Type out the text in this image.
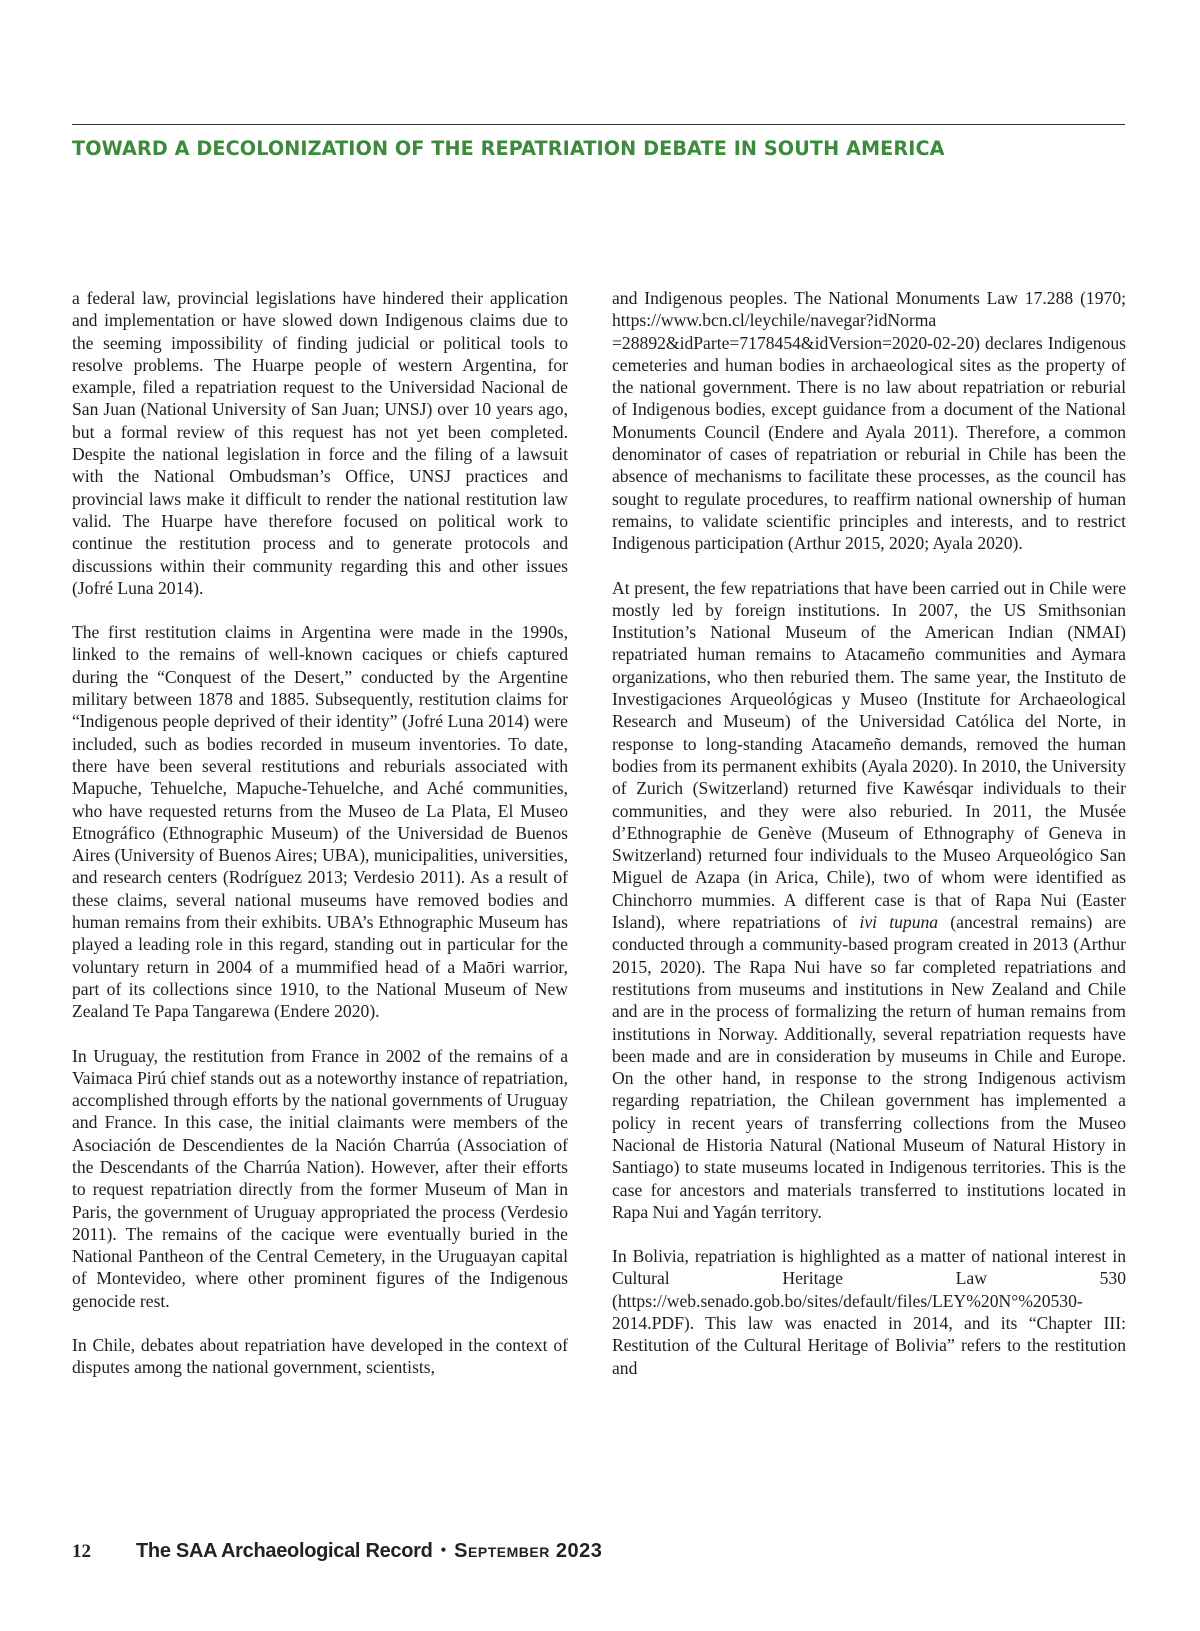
TOWARD A DECOLONIZATION OF THE REPATRIATION DEBATE IN SOUTH AMERICA

a federal law, provincial legislations have hindered their application and implementation or have slowed down Indigenous claims due to the seeming impossibility of finding judicial or political tools to resolve problems. The Huarpe people of western Argentina, for example, filed a repatriation request to the Universidad Nacional de San Juan (National University of San Juan; UNSJ) over 10 years ago, but a formal review of this request has not yet been completed. Despite the national legislation in force and the filing of a lawsuit with the National Ombudsman’s Office, UNSJ practices and provincial laws make it difficult to render the national restitution law valid. The Huarpe have therefore focused on political work to continue the restitution process and to generate protocols and discussions within their community regarding this and other issues (Jofré Luna 2014).

The first restitution claims in Argentina were made in the 1990s, linked to the remains of well-known caciques or chiefs captured during the “Conquest of the Desert,” conducted by the Argentine military between 1878 and 1885. Subsequently, restitution claims for “Indigenous people deprived of their identity” (Jofré Luna 2014) were included, such as bodies recorded in museum inventories. To date, there have been several restitutions and reburials associated with Mapuche, Tehuelche, Mapuche-Tehuelche, and Aché communities, who have requested returns from the Museo de La Plata, El Museo Etnográfico (Ethnographic Museum) of the Universidad de Buenos Aires (University of Buenos Aires; UBA), municipalities, universities, and research centers (Rodríguez 2013; Verdesio 2011). As a result of these claims, several national museums have removed bodies and human remains from their exhibits. UBA’s Ethnographic Museum has played a leading role in this regard, standing out in particular for the voluntary return in 2004 of a mummified head of a Maōri warrior, part of its collections since 1910, to the National Museum of New Zealand Te Papa Tangarewa (Endere 2020).

In Uruguay, the restitution from France in 2002 of the remains of a Vaimaca Pirú chief stands out as a noteworthy instance of repatriation, accomplished through efforts by the national governments of Uruguay and France. In this case, the initial claimants were members of the Asociación de Descendientes de la Nación Charrúa (Association of the Descendants of the Charrúa Nation). However, after their efforts to request repatriation directly from the former Museum of Man in Paris, the government of Uruguay appropriated the process (Verdesio 2011). The remains of the cacique were eventually buried in the National Pantheon of the Central Cemetery, in the Uruguayan capital of Montevideo, where other prominent figures of the Indigenous genocide rest.

In Chile, debates about repatriation have developed in the context of disputes among the national government, scientists,

and Indigenous peoples. The National Monuments Law 17.288 (1970; https://www.bcn.cl/leychile/navegar?idNorma =28892&idParte=7178454&idVersion=2020-02-20) declares Indigenous cemeteries and human bodies in archaeological sites as the property of the national government. There is no law about repatriation or reburial of Indigenous bodies, except guidance from a document of the National Monuments Council (Endere and Ayala 2011). Therefore, a common denominator of cases of repatriation or reburial in Chile has been the absence of mechanisms to facilitate these processes, as the council has sought to regulate procedures, to reaffirm national ownership of human remains, to validate scientific principles and interests, and to restrict Indigenous participation (Arthur 2015, 2020; Ayala 2020).

At present, the few repatriations that have been carried out in Chile were mostly led by foreign institutions. In 2007, the US Smithsonian Institution’s National Museum of the American Indian (NMAI) repatriated human remains to Atacameño communities and Aymara organizations, who then reburied them. The same year, the Instituto de Investigaciones Arqueológicas y Museo (Institute for Archaeological Research and Museum) of the Universidad Católica del Norte, in response to long-standing Atacameño demands, removed the human bodies from its permanent exhibits (Ayala 2020). In 2010, the University of Zurich (Switzerland) returned five Kawésqar individuals to their communities, and they were also reburied. In 2011, the Musée d’Ethnographie de Genève (Museum of Ethnography of Geneva in Switzerland) returned four individuals to the Museo Arqueológico San Miguel de Azapa (in Arica, Chile), two of whom were identified as Chinchorro mummies. A different case is that of Rapa Nui (Easter Island), where repatriations of ivi tupuna (ancestral remains) are conducted through a community-based program created in 2013 (Arthur 2015, 2020). The Rapa Nui have so far completed repatriations and restitutions from museums and institutions in New Zealand and Chile and are in the process of formalizing the return of human remains from institutions in Norway. Additionally, several repatriation requests have been made and are in consideration by museums in Chile and Europe. On the other hand, in response to the strong Indigenous activism regarding repatriation, the Chilean government has implemented a policy in recent years of transferring collections from the Museo Nacional de Historia Natural (National Museum of Natural History in Santiago) to state museums located in Indigenous territories. This is the case for ancestors and materials transferred to institutions located in Rapa Nui and Yagán territory.

In Bolivia, repatriation is highlighted as a matter of national interest in Cultural Heritage Law 530 (https://web.senado.gob.bo/sites/default/files/LEY%20N°%20530-2014.PDF). This law was enacted in 2014, and its “Chapter III: Restitution of the Cultural Heritage of Bolivia” refers to the restitution and

12 The SAA Archaeological Record • September 2023
